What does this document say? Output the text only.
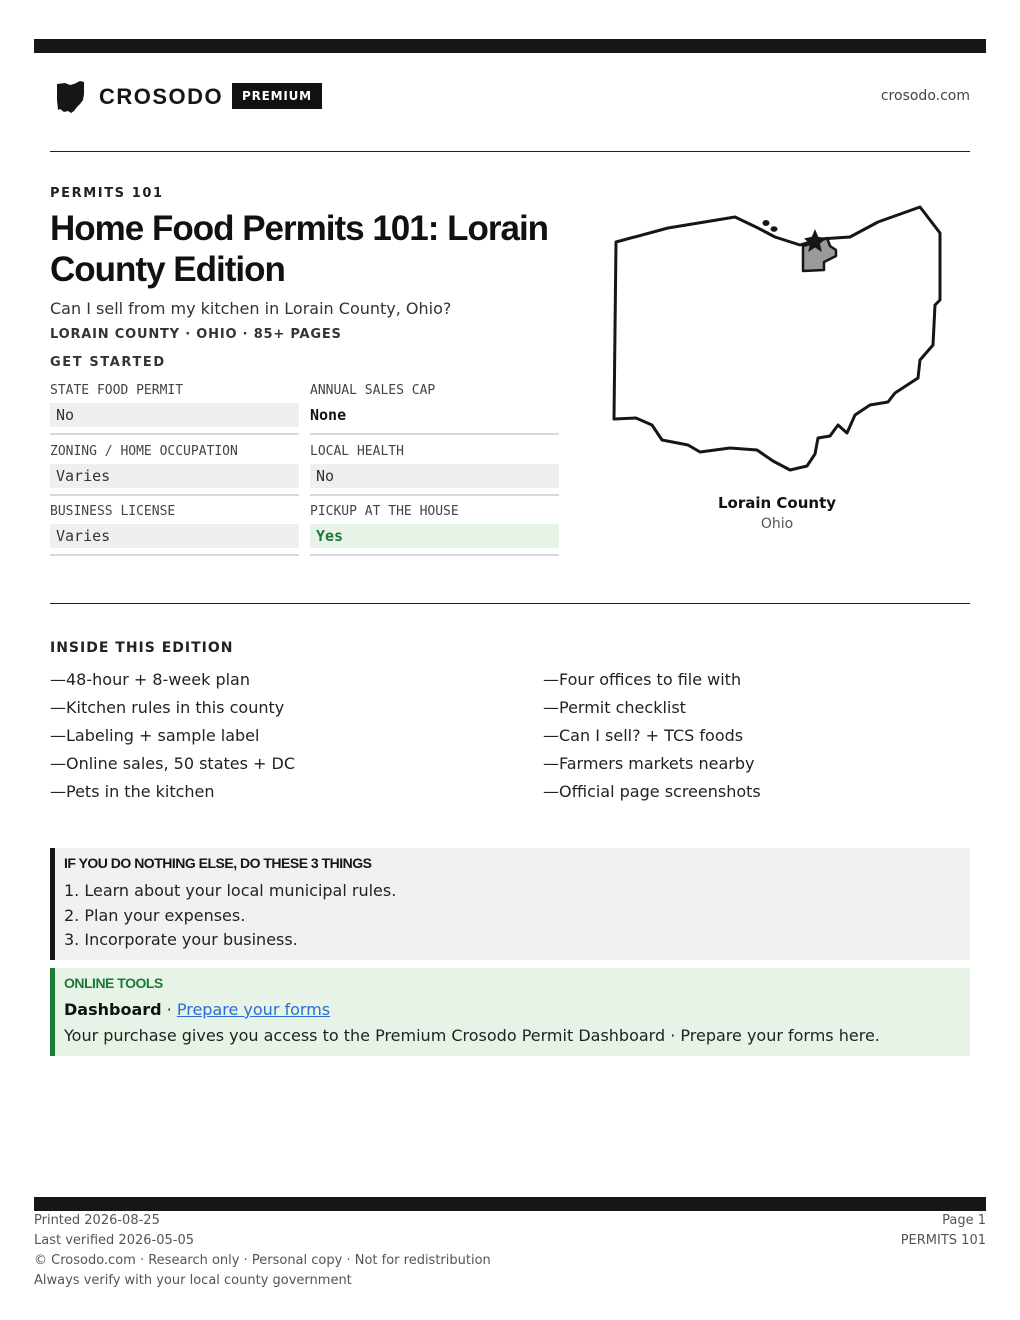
CROSODO	PREMIUM	crosodo.com
PERMITS 101
Home Food Permits 101: Lorain County Edition
Can I sell from my kitchen in Lorain County, Ohio?
LORAIN COUNTY · OHIO · 85+ PAGES
GET STARTED
STATE FOOD PERMIT
No
ANNUAL SALES CAP
None
ZONING / HOME OCCUPATION
Varies
LOCAL HEALTH
No
BUSINESS LICENSE
Varies
PICKUP AT THE HOUSE
Yes
Lorain County
Ohio
INSIDE THIS EDITION
—48-hour + 8-week plan
—Kitchen rules in this county
—Labeling + sample label
—Online sales, 50 states + DC
—Pets in the kitchen
—Four offices to file with
—Permit checklist
—Can I sell? + TCS foods
—Farmers markets nearby
—Official page screenshots
IF YOU DO NOTHING ELSE, DO THESE 3 THINGS
1. Learn about your local municipal rules.
2. Plan your expenses.
3. Incorporate your business.
ONLINE TOOLS
Dashboard · Prepare your forms
Your purchase gives you access to the Premium Crosodo Permit Dashboard · Prepare your forms here.
Printed 2026-08-25
Last verified 2026-05-05
© Crosodo.com · Research only · Personal copy · Not for redistribution
Always verify with your local county government
Page 1
PERMITS 101
